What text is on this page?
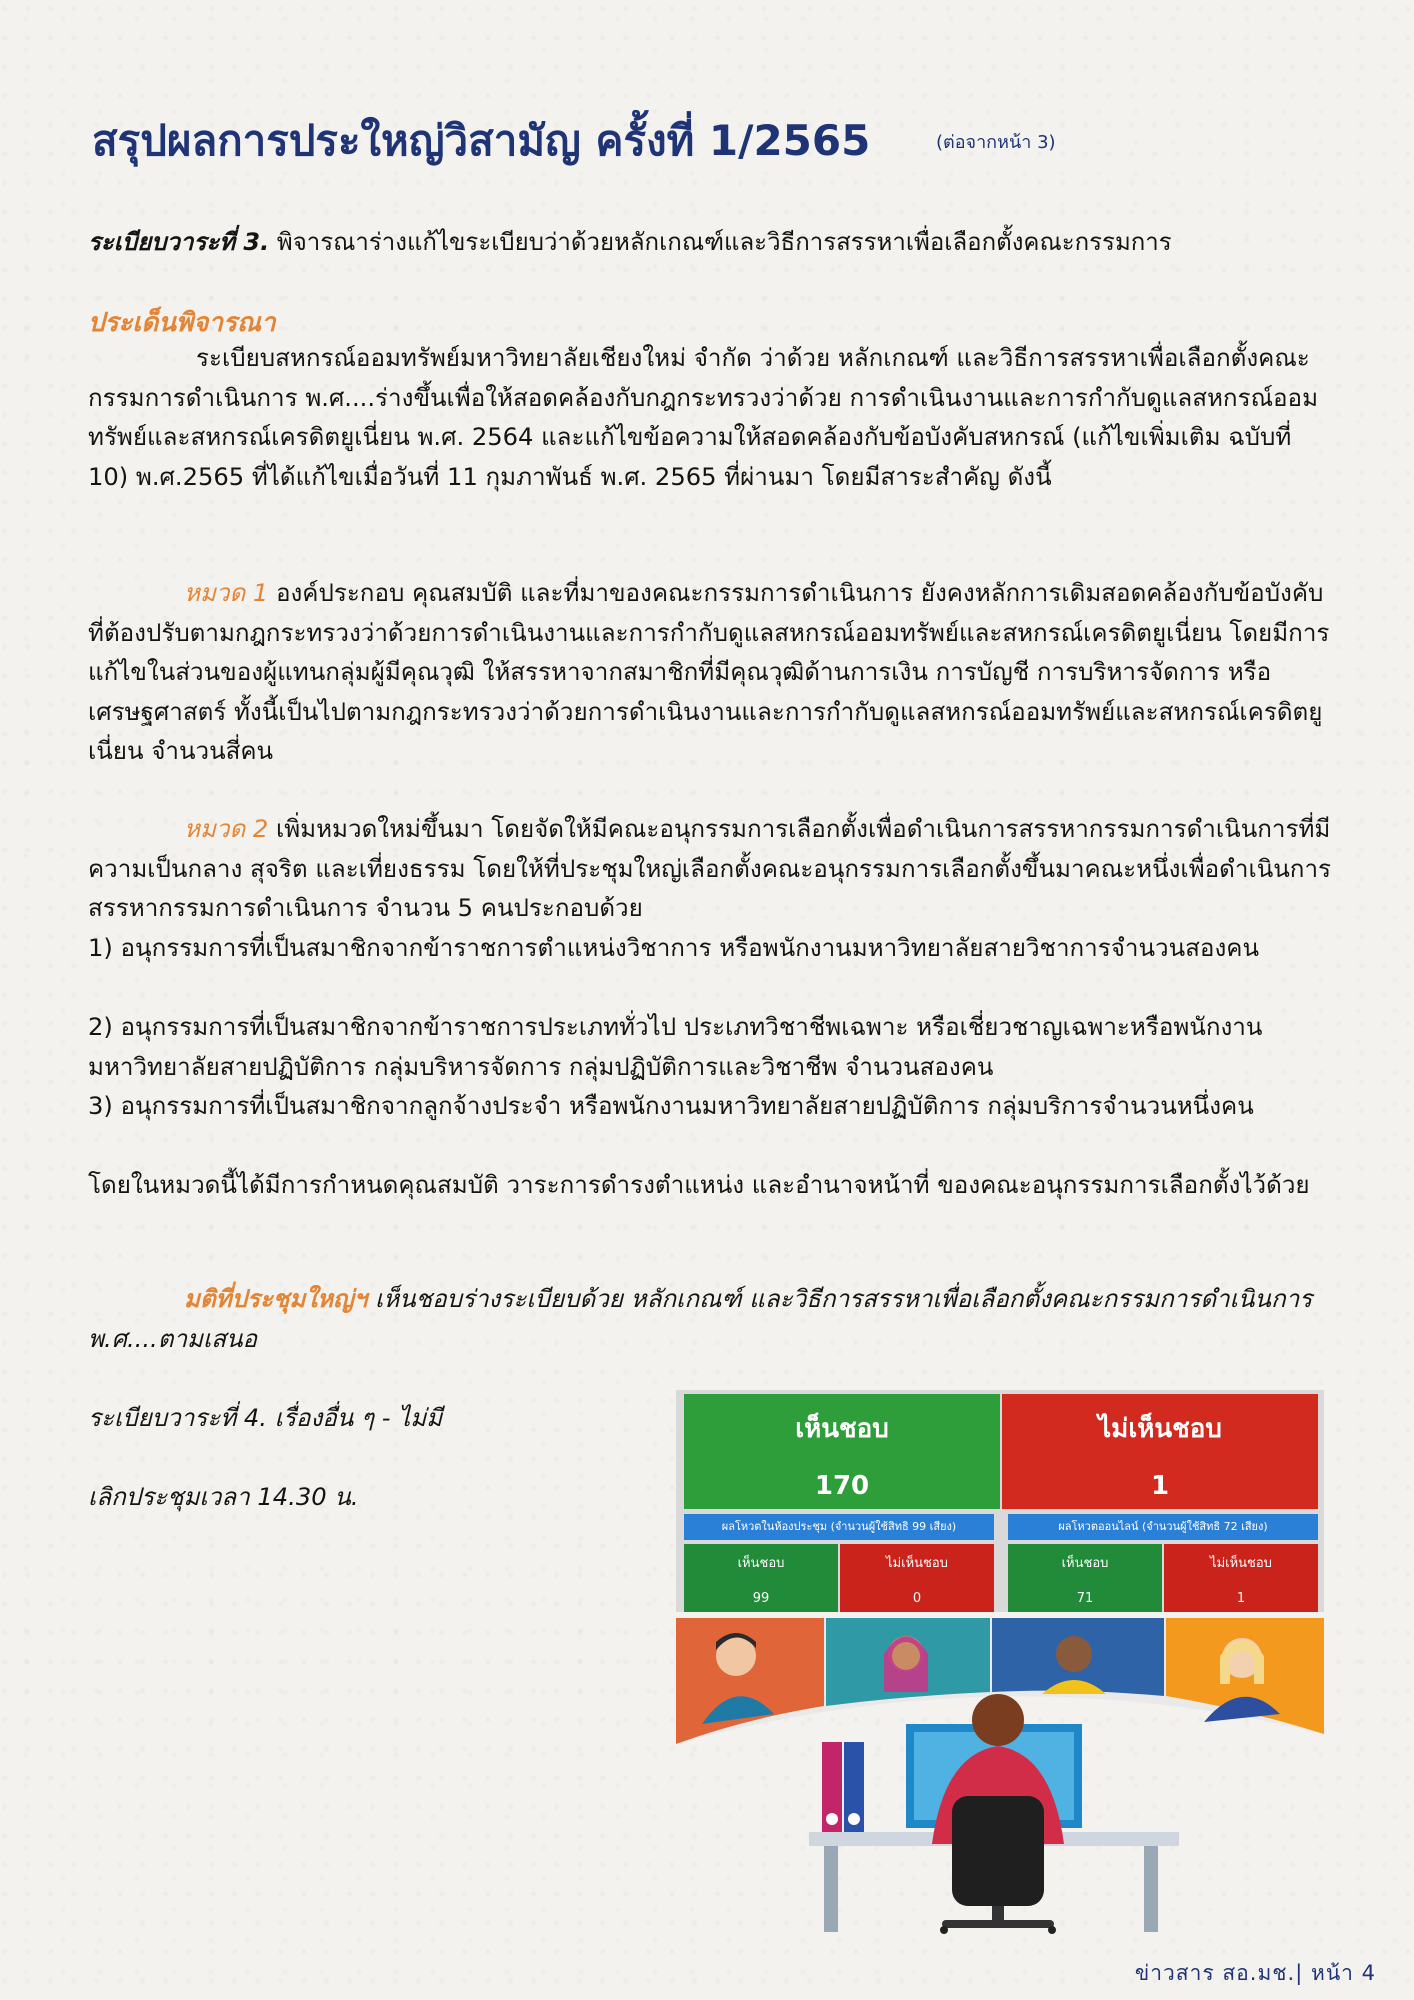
สรุปผลการประใหญ่วิสามัญ ครั้งที่ 1/2565	(ต่อจากหน้า 3)
ระเบียบวาระที่ 3. พิจารณาร่างแก้ไขระเบียบว่าด้วยหลักเกณฑ์และวิธีการสรรหาเพื่อเลือกตั้งคณะกรรมการ
ประเด็นพิจารณา

ระเบียบสหกรณ์ออมทรัพย์มหาวิทยาลัยเชียงใหม่ จำกัด ว่าด้วย หลักเกณฑ์ และวิธีการสรรหาเพื่อเลือกตั้งคณะกรรมการดำเนินการ พ.ศ....ร่างขึ้นเพื่อให้สอดคล้องกับกฎกระทรวงว่าด้วย การดำเนินงานและการกำกับดูแลสหกรณ์ออมทรัพย์และสหกรณ์เครดิตยูเนี่ยน พ.ศ. 2564 และแก้ไขข้อความให้สอดคล้องกับข้อบังคับสหกรณ์ (แก้ไขเพิ่มเติม ฉบับที่ 10) พ.ศ.2565 ที่ได้แก้ไขเมื่อวันที่ 11 กุมภาพันธ์ พ.ศ. 2565 ที่ผ่านมา โดยมีสาระสำคัญ ดังนี้

หมวด 1 องค์ประกอบ คุณสมบัติ และที่มาของคณะกรรมการดำเนินการ ยังคงหลักการเดิมสอดคล้องกับข้อบังคับที่ต้องปรับตามกฎกระทรวงว่าด้วยการดำเนินงานและการกำกับดูแลสหกรณ์ออมทรัพย์และสหกรณ์เครดิตยูเนี่ยน โดยมีการแก้ไขในส่วนของผู้แทนกลุ่มผู้มีคุณวุฒิ ให้สรรหาจากสมาชิกที่มีคุณวุฒิด้านการเงิน การบัญชี การบริหารจัดการ หรือเศรษฐศาสตร์ ทั้งนี้เป็นไปตามกฎกระทรวงว่าด้วยการดำเนินงานและการกำกับดูแลสหกรณ์ออมทรัพย์และสหกรณ์เครดิตยูเนี่ยน จำนวนสี่คน

หมวด 2 เพิ่มหมวดใหม่ขึ้นมา โดยจัดให้มีคณะอนุกรรมการเลือกตั้งเพื่อดำเนินการสรรหากรรมการดำเนินการที่มีความเป็นกลาง สุจริต และเที่ยงธรรม โดยให้ที่ประชุมใหญ่เลือกตั้งคณะอนุกรรมการเลือกตั้งขึ้นมาคณะหนึ่งเพื่อดำเนินการสรรหากรรมการดำเนินการ จำนวน 5 คนประกอบด้วย

1) อนุกรรมการที่เป็นสมาชิกจากข้าราชการตำแหน่งวิชาการ หรือพนักงานมหาวิทยาลัยสายวิชาการจำนวนสองคน

2) อนุกรรมการที่เป็นสมาชิกจากข้าราชการประเภททั่วไป ประเภทวิชาชีพเฉพาะ หรือเชี่ยวชาญเฉพาะหรือพนักงานมหาวิทยาลัยสายปฏิบัติการ กลุ่มบริหารจัดการ กลุ่มปฏิบัติการและวิชาชีพ จำนวนสองคน

3) อนุกรรมการที่เป็นสมาชิกจากลูกจ้างประจำ หรือพนักงานมหาวิทยาลัยสายปฏิบัติการ กลุ่มบริการจำนวนหนึ่งคน

โดยในหมวดนี้ได้มีการกำหนดคุณสมบัติ วาระการดำรงตำแหน่ง และอำนาจหน้าที่ ของคณะอนุกรรมการเลือกตั้งไว้ด้วย

มติที่ประชุมใหญ่ฯ เห็นชอบร่างระเบียบด้วย หลักเกณฑ์ และวิธีการสรรหาเพื่อเลือกตั้งคณะกรรมการดำเนินการ พ.ศ....ตามเสนอ

ระเบียบวาระที่ 4. เรื่องอื่น ๆ - ไม่มี
เลิกประชุมเวลา 14.30 น.
เห็นชอบ
170
ไม่เห็นชอบ
1
ผลโหวตในห้องประชุม (จำนวนผู้ใช้สิทธิ 99 เสียง)
เห็นชอบ
99
ไม่เห็นชอบ
0
ผลโหวตออนไลน์ (จำนวนผู้ใช้สิทธิ 72 เสียง)
เห็นชอบ
71
ไม่เห็นชอบ
1
ข่าวสาร สอ.มช.| หน้า 4
